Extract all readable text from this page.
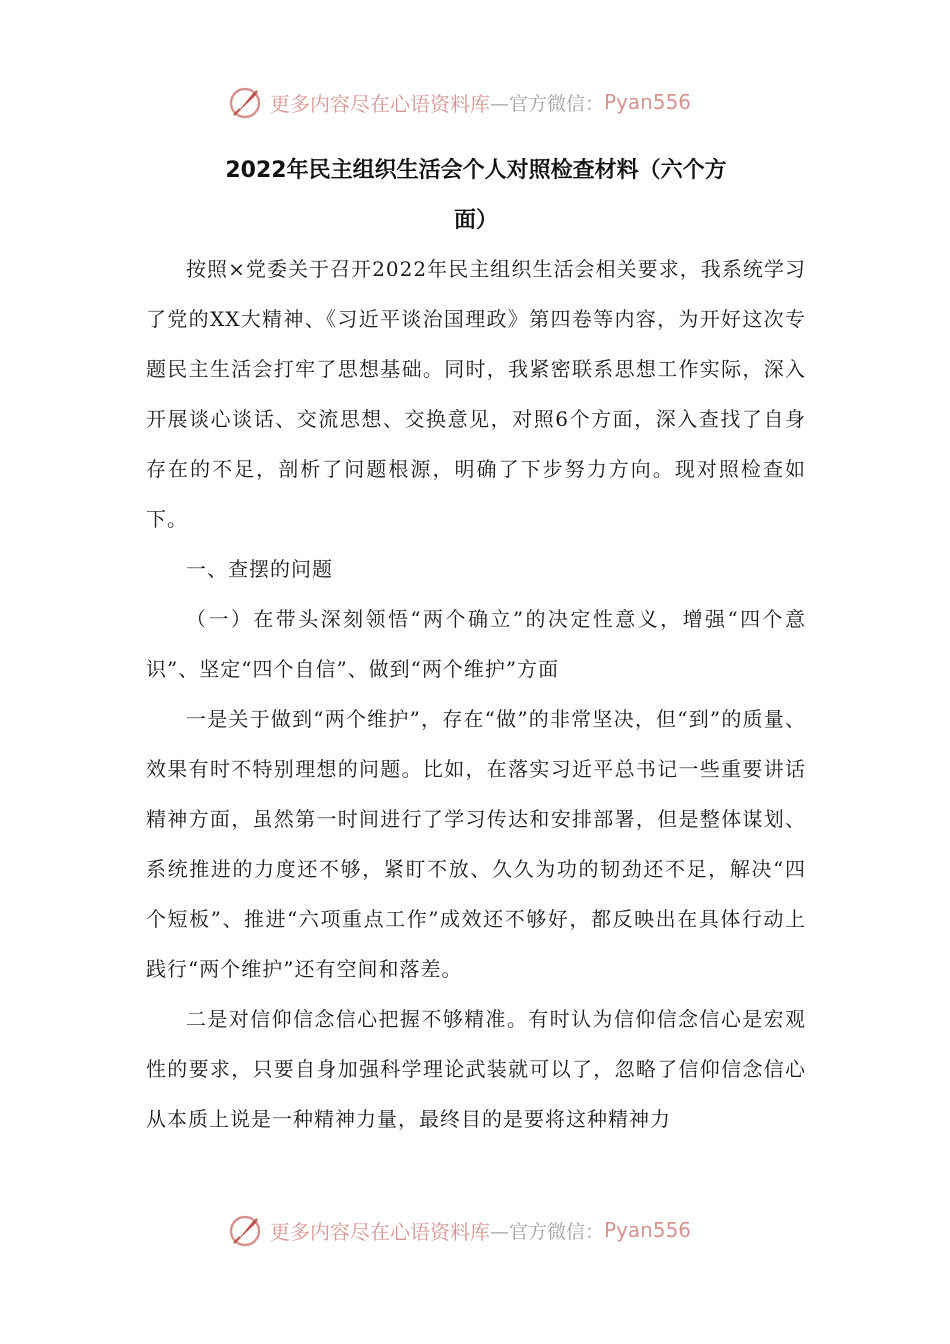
更多内容尽在心语资料库 —官方微信： Pyan556
2022年民主组织生活会个人对照检查材料（六个方
面）

按照×党委关于召开2022年民主组织生活会相关要求，我系统学习了党的XX大精神、《习近平谈治国理政》第四卷等内容，为开好这次专题民主生活会打牢了思想基础。同时，我紧密联系思想工作实际，深入开展谈心谈话、交流思想、交换意见，对照6个方面，深入查找了自身存在的不足，剖析了问题根源，明确了下步努力方向。现对照检查如下。

一、查摆的问题

（一）在带头深刻领悟“两个确立”的决定性意义，增强“四个意识”、坚定“四个自信”、做到“两个维护”方面

一是关于做到“两个维护”，存在“做”的非常坚决，但“到”的质量、效果有时不特别理想的问题。比如，在落实习近平总书记一些重要讲话精神方面，虽然第一时间进行了学习传达和安排部署，但是整体谋划、系统推进的力度还不够，紧盯不放、久久为功的韧劲还不足，解决“四个短板”、推进“六项重点工作”成效还不够好，都反映出在具体行动上践行“两个维护”还有空间和落差。

二是对信仰信念信心把握不够精准。有时认为信仰信念信心是宏观性的要求，只要自身加强科学理论武装就可以了，忽略了信仰信念信心从本质上说是一种精神力量，最终目的是要将这种精神力

更多内容尽在心语资料库 —官方微信： Pyan556
